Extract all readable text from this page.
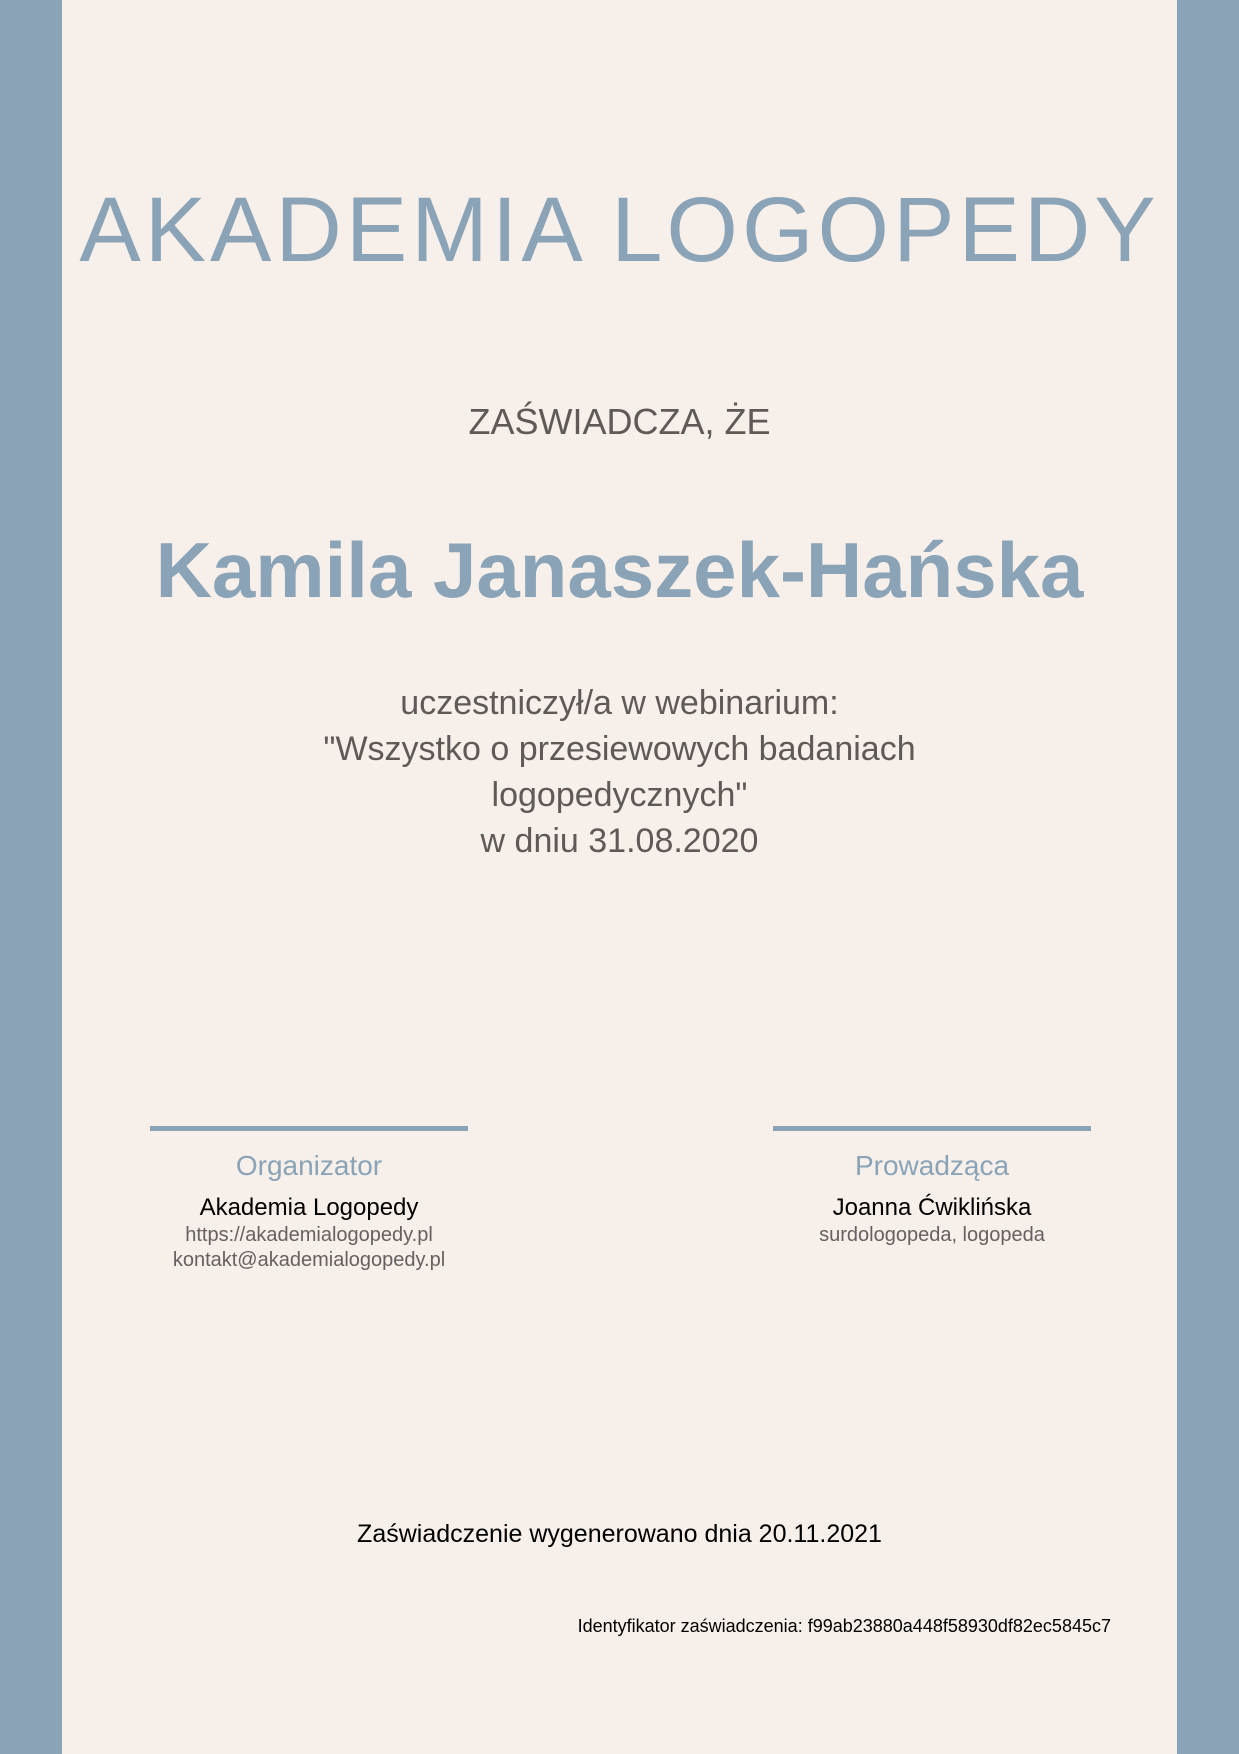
AKADEMIA LOGOPEDY
ZAŚWIADCZA, ŻE
Kamila Janaszek-Hańska
uczestniczył/a w webinarium:
"Wszystko o przesiewowych badaniach
logopedycznych"
w dniu 31.08.2020
Organizator
Akademia Logopedy
https://akademialogopedy.pl
kontakt@akademialogopedy.pl
Prowadząca
Joanna Ćwiklińska
surdologopeda, logopeda
Zaświadczenie wygenerowano dnia 20.11.2021
Identyfikator zaświadczenia: f99ab23880a448f58930df82ec5845c7
